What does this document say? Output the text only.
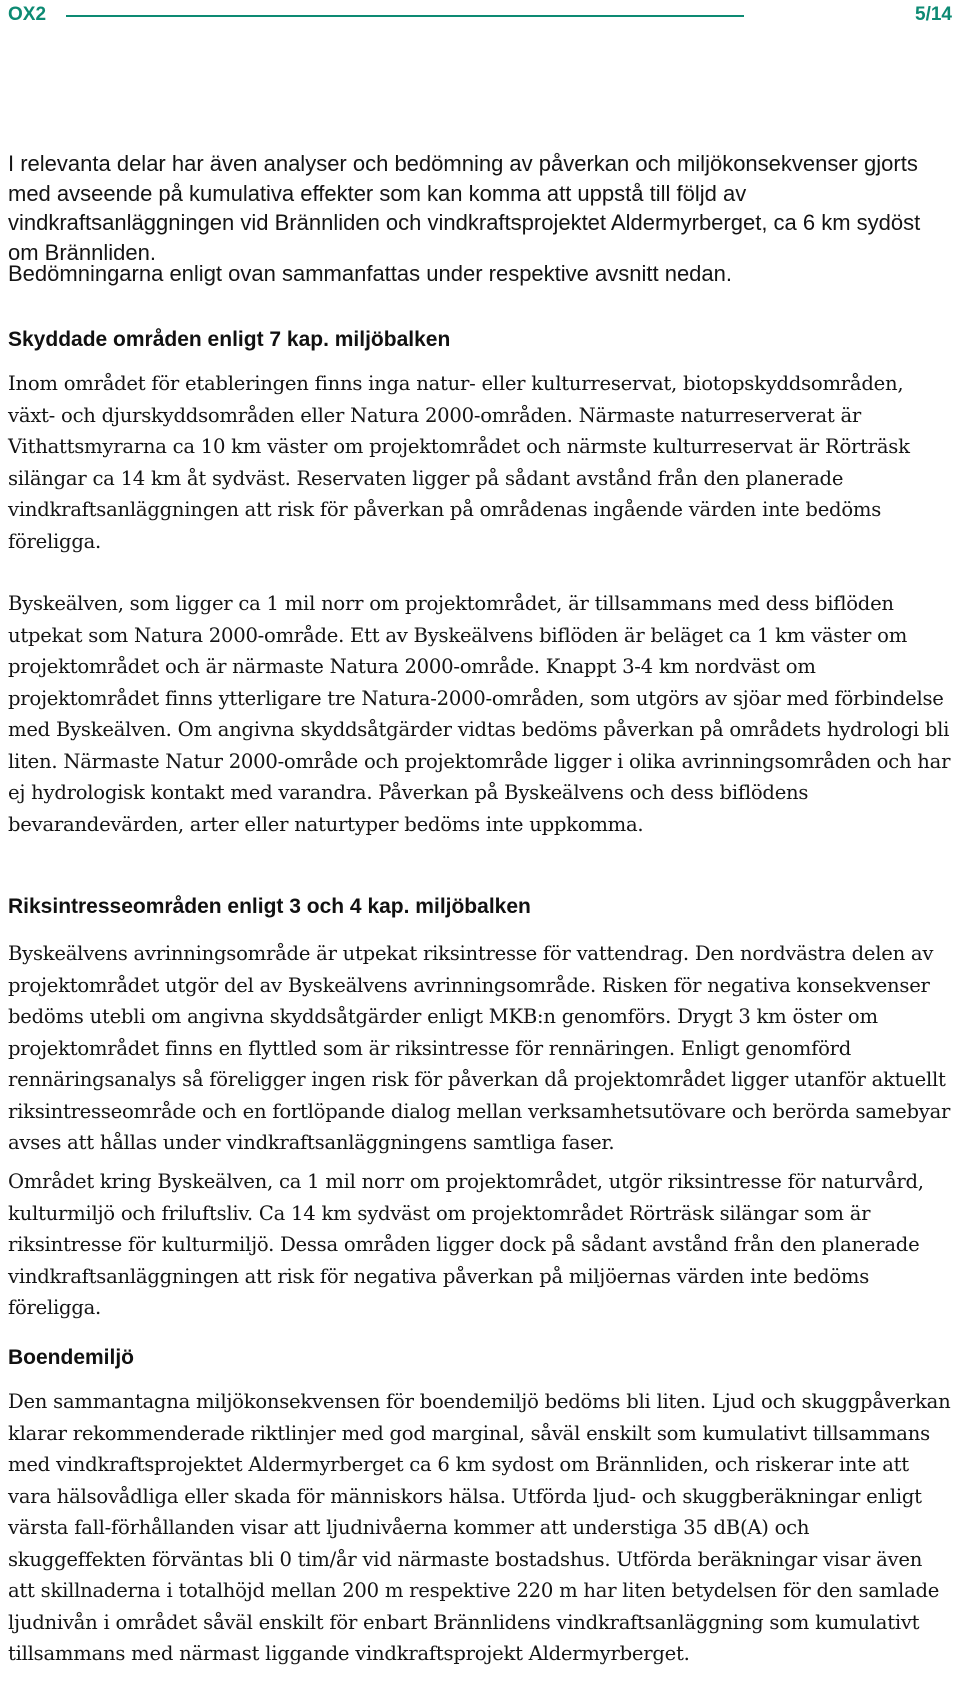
OX2	5/14

I relevanta delar har även analyser och bedömning av påverkan och miljökonsekvenser gjorts med avseende på kumulativa effekter som kan komma att uppstå till följd av vindkraftsanläggningen vid Brännliden och vindkraftsprojektet Aldermyrberget, ca 6 km sydöst om Brännliden.

Bedömningarna enligt ovan sammanfattas under respektive avsnitt nedan.

Skyddade områden enligt 7 kap. miljöbalken

Inom området för etableringen finns inga natur- eller kulturreservat, biotopskyddsområden, växt- och djurskyddsområden eller Natura 2000-områden. Närmaste naturreserverat är Vithattsmyrarna ca 10 km väster om projektområdet och närmste kulturreservat är Rörträsk silängar ca 14 km åt sydväst. Reservaten ligger på sådant avstånd från den planerade vindkraftsanläggningen att risk för påverkan på områdenas ingående värden inte bedöms föreligga.

Byskeälven, som ligger ca 1 mil norr om projektområdet, är tillsammans med dess biflöden utpekat som Natura 2000-område. Ett av Byskeälvens biflöden är beläget ca 1 km väster om projektområdet och är närmaste Natura 2000-område. Knappt 3-4 km nordväst om projektområdet finns ytterligare tre Natura-2000-områden, som utgörs av sjöar med förbindelse med Byskeälven. Om angivna skyddsåtgärder vidtas bedöms påverkan på områdets hydrologi bli liten. Närmaste Natur 2000-område och projektområde ligger i olika avrinningsområden och har ej hydrologisk kontakt med varandra. Påverkan på Byskeälvens och dess biflödens bevarandevärden, arter eller naturtyper bedöms inte uppkomma.

Riksintresseområden enligt 3 och 4 kap. miljöbalken

Byskeälvens avrinningsområde är utpekat riksintresse för vattendrag. Den nordvästra delen av projektområdet utgör del av Byskeälvens avrinningsområde. Risken för negativa konsekvenser bedöms utebli om angivna skyddsåtgärder enligt MKB:n genomförs. Drygt 3 km öster om projektområdet finns en flyttled som är riksintresse för rennäringen. Enligt genomförd rennäringsanalys så föreligger ingen risk för påverkan då projektområdet ligger utanför aktuellt riksintresseområde och en fortlöpande dialog mellan verksamhetsutövare och berörda samebyar avses att hållas under vindkraftsanläggningens samtliga faser.

Området kring Byskeälven, ca 1 mil norr om projektområdet, utgör riksintresse för naturvård, kulturmiljö och friluftsliv. Ca 14 km sydväst om projektområdet Rörträsk silängar som är riksintresse för kulturmiljö. Dessa områden ligger dock på sådant avstånd från den planerade vindkraftsanläggningen att risk för negativa påverkan på miljöernas värden inte bedöms föreligga.

Boendemiljö

Den sammantagna miljökonsekvensen för boendemiljö bedöms bli liten. Ljud och skuggpåverkan klarar rekommenderade riktlinjer med god marginal, såväl enskilt som kumulativt tillsammans med vindkraftsprojektet Aldermyrberget ca 6 km sydost om Brännliden, och riskerar inte att vara hälsovådliga eller skada för människors hälsa. Utförda ljud- och skuggberäkningar enligt värsta fall-förhållanden visar att ljudnivåerna kommer att understiga 35 dB(A) och skuggeffekten förväntas bli 0 tim/år vid närmaste bostadshus. Utförda beräkningar visar även att skillnaderna i totalhöjd mellan 200 m respektive 220 m har liten betydelsen för den samlade ljudnivån i området såväl enskilt för enbart Brännlidens vindkraftsanläggning som kumulativt tillsammans med närmast liggande vindkraftsprojekt Aldermyrberget.
